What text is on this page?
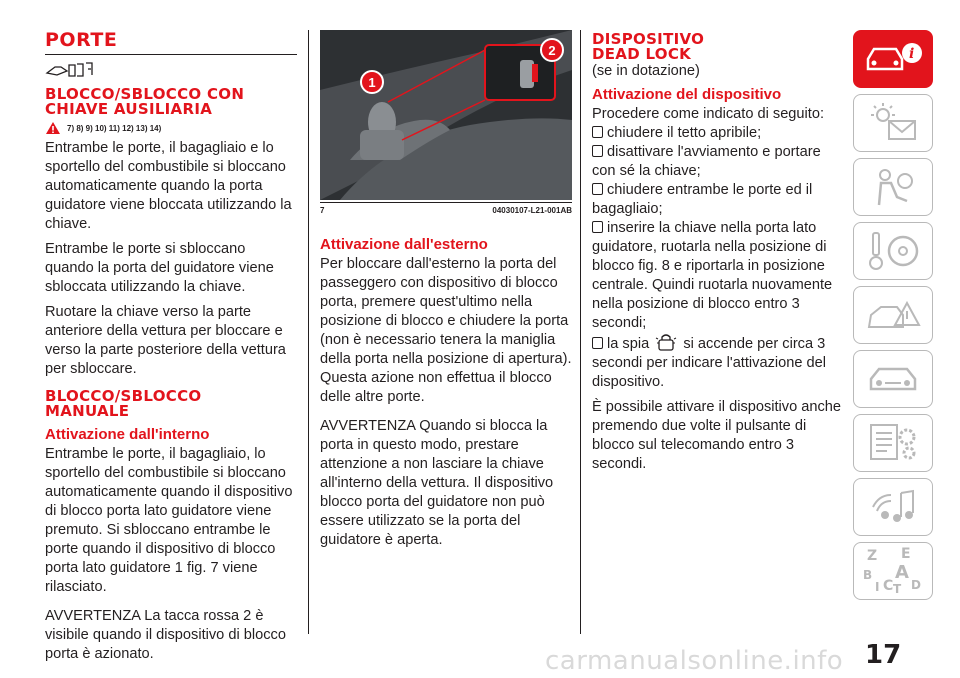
PORTE
BLOCCO/SBLOCCO CON CHIAVE AUSILIARIA
7) 8) 9) 10) 11) 12) 13) 14)

Entrambe le porte, il bagagliaio e lo sportello del combustibile si bloccano automaticamente quando la porta guidatore viene bloccata utilizzando la chiave.

Entrambe le porte si sbloccano quando la porta del guidatore viene sbloccata utilizzando la chiave.

Ruotare la chiave verso la parte anteriore della vettura per bloccare e verso la parte posteriore della vettura per sbloccare.

BLOCCO/SBLOCCO MANUALE
Attivazione dall'interno

Entrambe le porte, il bagagliaio, lo sportello del combustibile si bloccano automaticamente quando il dispositivo di blocco porta lato guidatore viene premuto. Si sbloccano entrambe le porte quando il dispositivo di blocco porta lato guidatore 1 fig. 7 viene rilasciato.

AVVERTENZA La tacca rossa 2 è visibile quando il dispositivo di blocco porta è azionato.

1
2
7	04030107-L21-001AB
Attivazione dall'esterno

Per bloccare dall'esterno la porta del passeggero con dispositivo di blocco porta, premere quest'ultimo nella posizione di blocco e chiudere la porta (non è necessario tenera la maniglia della porta nella posizione di apertura). Questa azione non effettua il blocco delle altre porte.

AVVERTENZA Quando si blocca la porta in questo modo, prestare attenzione a non lasciare la chiave all'interno della vettura. Il dispositivo blocco porta del guidatore non può essere utilizzato se la porta del guidatore è aperta.

DISPOSITIVO
DEAD LOCK

(se in dotazione)

Attivazione del dispositivo

Procedere come indicato di seguito:

chiudere il tetto apribile;

disattivare l'avviamento e portare con sé la chiave;

chiudere entrambe le porte ed il bagagliaio;

inserire la chiave nella porta lato guidatore, ruotarla nella posizione di blocco fig. 8 e riportarla in posizione centrale. Quindi ruotarla nuovamente nella posizione di blocco entro 3 secondi;

la spia si accende per circa 3 secondi per indicare l'attivazione del dispositivo.

È possibile attivare il dispositivo anche premendo due volte il pulsante di blocco sul telecomando entro 3 secondi.

i
Z E
B A
C T D
I
carmanualsonline.info 17
